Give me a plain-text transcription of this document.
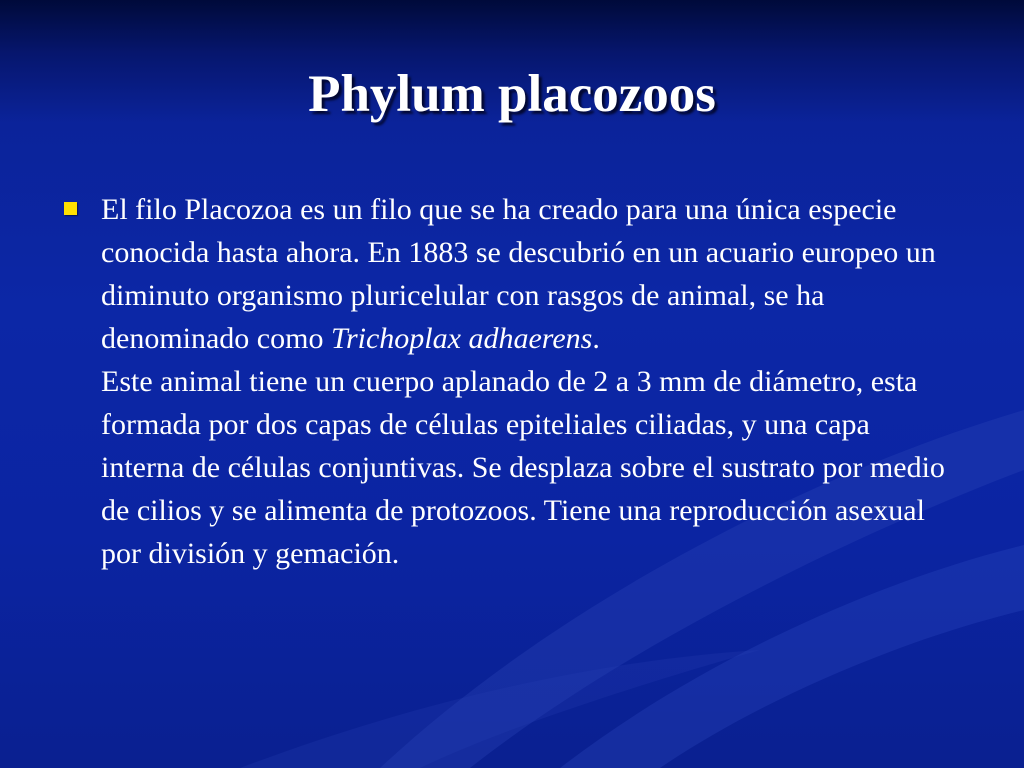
Phylum placozoos

El filo Placozoa es un filo que se ha creado para una única especie conocida hasta ahora. En 1883 se descubrió en un acuario europeo un diminuto organismo pluricelular con rasgos de animal, se ha denominado como Trichoplax adhaerens.

Este animal tiene un cuerpo aplanado de 2 a 3 mm de diámetro, esta formada por dos capas de células epiteliales ciliadas, y una capa interna de células conjuntivas. Se desplaza sobre el sustrato por medio de cilios y se alimenta de protozoos. Tiene una reproducción asexual por división y gemación.
